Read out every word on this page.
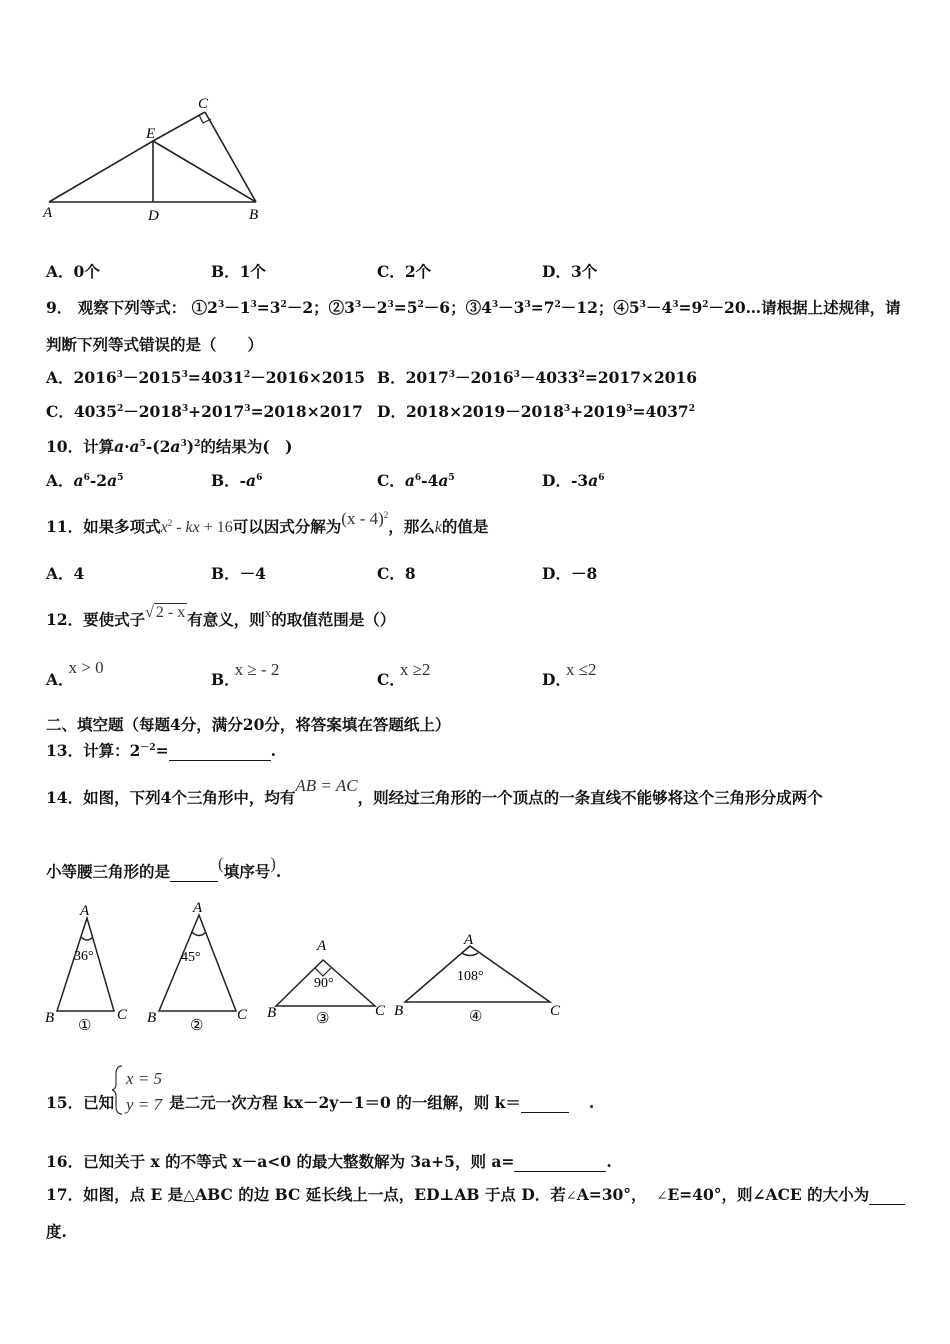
A	D	B
E
C
A．0个	B．1个	C．2个	D．3个
9． 观察下列等式： $①2^3-1^3=3^2-2$；$②3^3-2^3=5^2-6$；$③4^3-3^3=7^2-12$；$④5^3-4^3=9^2-20\dots$请根据上述规律，请
判断下列等式错误的是（　　）
A．$2016^3-2015^3=4031^2-2016\times 2015$ B．$2017^3-2016^3-4033^2=2017\times 2016$
C．$4035^2-2018^3+2017^3=2018\times 2017$ D．$2018\times 2019-2018^3+2019^3=4037^2$
10．计算$a\cdot a^5-(2a^3)^2$的结果为(　)
A．$a^6-2a^5$	B．$-a^6$	C．$a^6-4a^5$	D．$-3a^6$
11．如果多项式$x^2$ - kx + 16可以因式分解为(x - 4)$^2$，那么k的值是
A．4	B．－4	C．8	D．－8
12．要使式子√ 2 - x 有意义，则$^x$的取值范围是（）
A．x > 0
B．x ≥ - 2
C．x ≥2
D．x ≤2
二、填空题（每题4分，满分20分，将答案填在答题纸上）
13．计算：$2^{-2}=$	.
14．如图，下列4个三角形中，均有AB = AC，则经过三角形的一个顶点的一条直线不能够将这个三角形分成两个
小等腰三角形的是	(填序号).
A
B	C
36°
①
A
B	C
45°
②
A
B	C
90°
③
A
B	C
108°
④
15．已知	是二元一次方程 kx－2y－1＝0 的一组解，则 k＝	.
x = 5
y = 7
16．已知关于 x 的不等式 x－a<0 的最大整数解为 3a+5，则 a=	.
17．如图，点 E 是△ABC 的边 BC 延长线上一点，ED⊥AB 于点 D．若∠A=30°， ∠E=40°，则∠ACE 的大小为
度.
